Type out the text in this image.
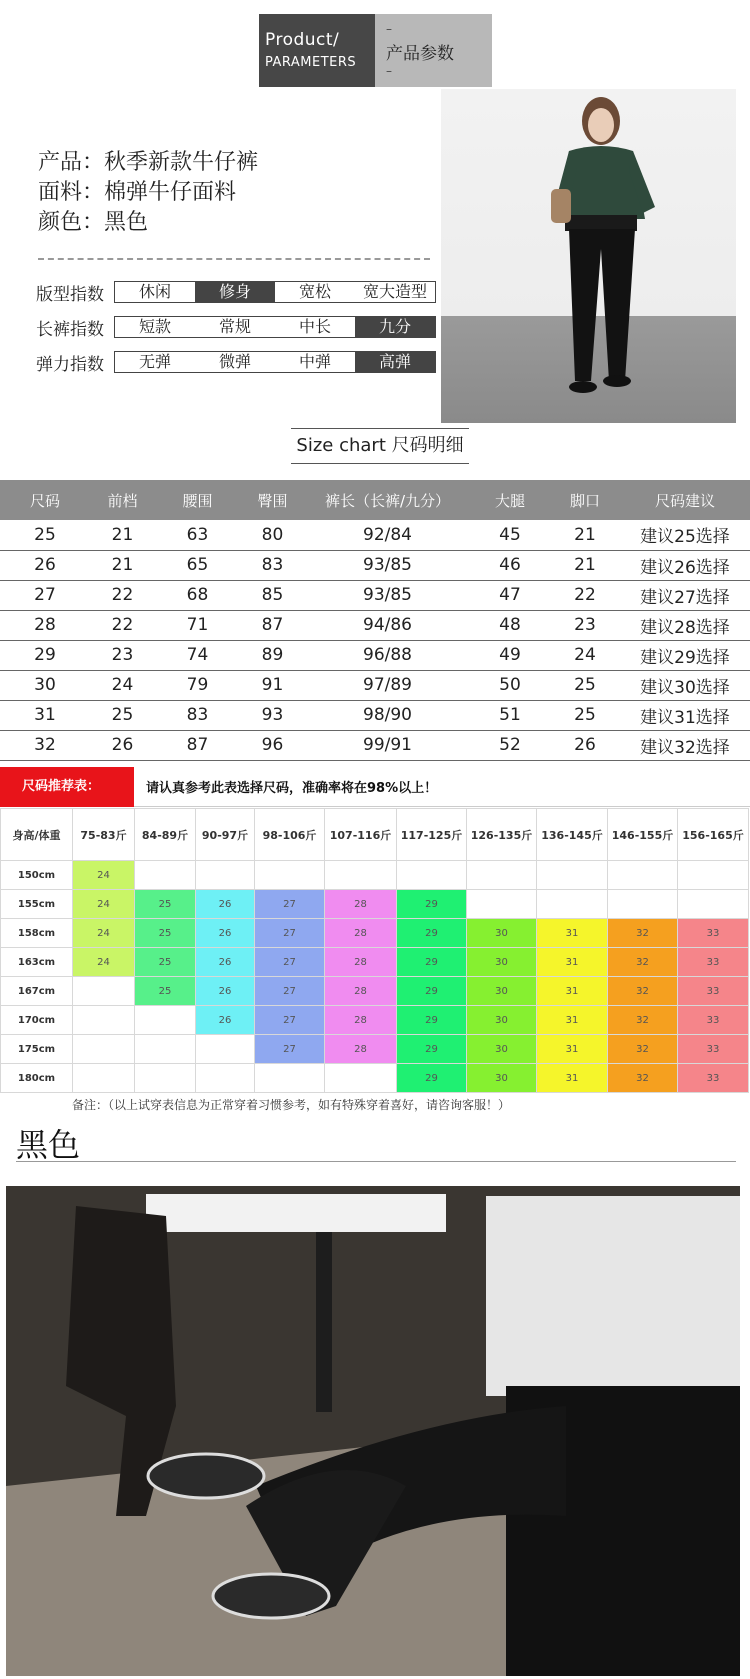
Product/
PARAMETERS
–
产品参数
–
产品：秋季新款牛仔裤
面料：棉弹牛仔面料
颜色：黑色
版型指数	休闲	修身	宽松	宽大造型
长裤指数	短款	常规	中长	九分
弹力指数	无弹	微弹	中弹	高弹
Size chart 尺码明细
尺码	前档	腰围	臀围	裤长（长裤/九分）	大腿	脚口	尺码建议
25	21	63	80	92/84	45	21	建议25选择
26	21	65	83	93/85	46	21	建议26选择
27	22	68	85	93/85	47	22	建议27选择
28	22	71	87	94/86	48	23	建议28选择
29	23	74	89	96/88	49	24	建议29选择
30	24	79	91	97/89	50	25	建议30选择
31	25	83	93	98/90	51	25	建议31选择
32	26	87	96	99/91	52	26	建议32选择
尺码推荐表：	请认真参考此表选择尺码，准确率将在98%以上！
身高/体重	75-83斤	84-89斤	90-97斤	98-106斤	107-116斤	117-125斤	126-135斤	136-145斤	146-155斤	156-165斤
150cm	24									
155cm	24	25	26	27	28	29				
158cm	24	25	26	27	28	29	30	31	32	33
163cm	24	25	26	27	28	29	30	31	32	33
167cm		25	26	27	28	29	30	31	32	33
170cm			26	27	28	29	30	31	32	33
175cm				27	28	29	30	31	32	33
180cm						29	30	31	32	33
备注：（以上试穿表信息为正常穿着习惯参考，如有特殊穿着喜好，请咨询客服！）
黑色
